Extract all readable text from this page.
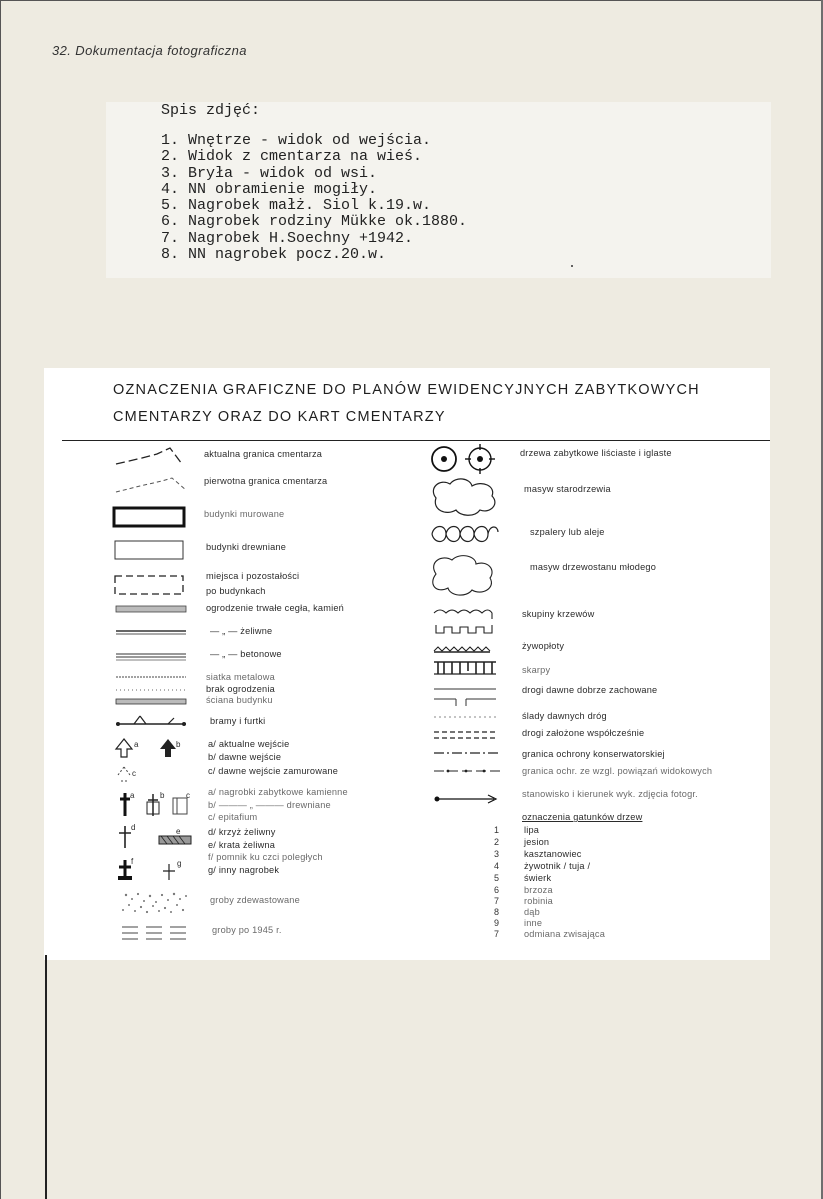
32. Dokumentacja fotograficzna
Spis zdjęć:
1. Wnętrze - widok od wejścia.
2. Widok z cmentarza na wieś.
3. Bryła - widok od wsi.
4. NN obramienie mogiły.
5. Nagrobek małż. Siol k.19.w.
6. Nagrobek rodziny Mükke ok.1880.
7. Nagrobek H.Soechny +1942.
8. NN nagrobek pocz.20.w.
OZNACZENIA GRAFICZNE DO PLANÓW EWIDENCYJNYCH ZABYTKOWYCH
CMENTARZY ORAZ DO KART CMENTARZY
a	b
c
a	b	c
d	e
f	g
aktualna granica cmentarza
pierwotna granica cmentarza
budynki murowane
budynki drewniane
miejsca i pozostałości
po budynkach
ogrodzenie trwałe cegła, kamień
— „ — żeliwne
— „ — betonowe
siatka metalowa
brak ogrodzenia
ściana budynku
bramy i furtki
a/ aktualne wejście
b/ dawne wejście
c/ dawne wejście zamurowane
a/ nagrobki zabytkowe kamienne
b/ ——— „ ——— drewniane
c/ epitafium
d/ krzyż żeliwny
e/ krata żeliwna
f/ pomnik ku czci poległych
g/ inny nagrobek
groby zdewastowane
groby po 1945 r.
drzewa zabytkowe liściaste i iglaste
masyw starodrzewia
szpalery lub aleje
masyw drzewostanu młodego
skupiny krzewów
żywopłoty
skarpy
drogi dawne dobrze zachowane
ślady dawnych dróg
drogi założone współcześnie
granica ochrony konserwatorskiej
granica ochr. ze wzgl. powiązań widokowych
stanowisko i kierunek wyk. zdjęcia fotogr.
oznaczenia gatunków drzew
1	lipa
2	jesion
3	kasztanowiec
4	żywotnik / tuja /
5	świerk
6	brzoza
7	robinia
8	dąb
9	inne
7	odmiana zwisająca
